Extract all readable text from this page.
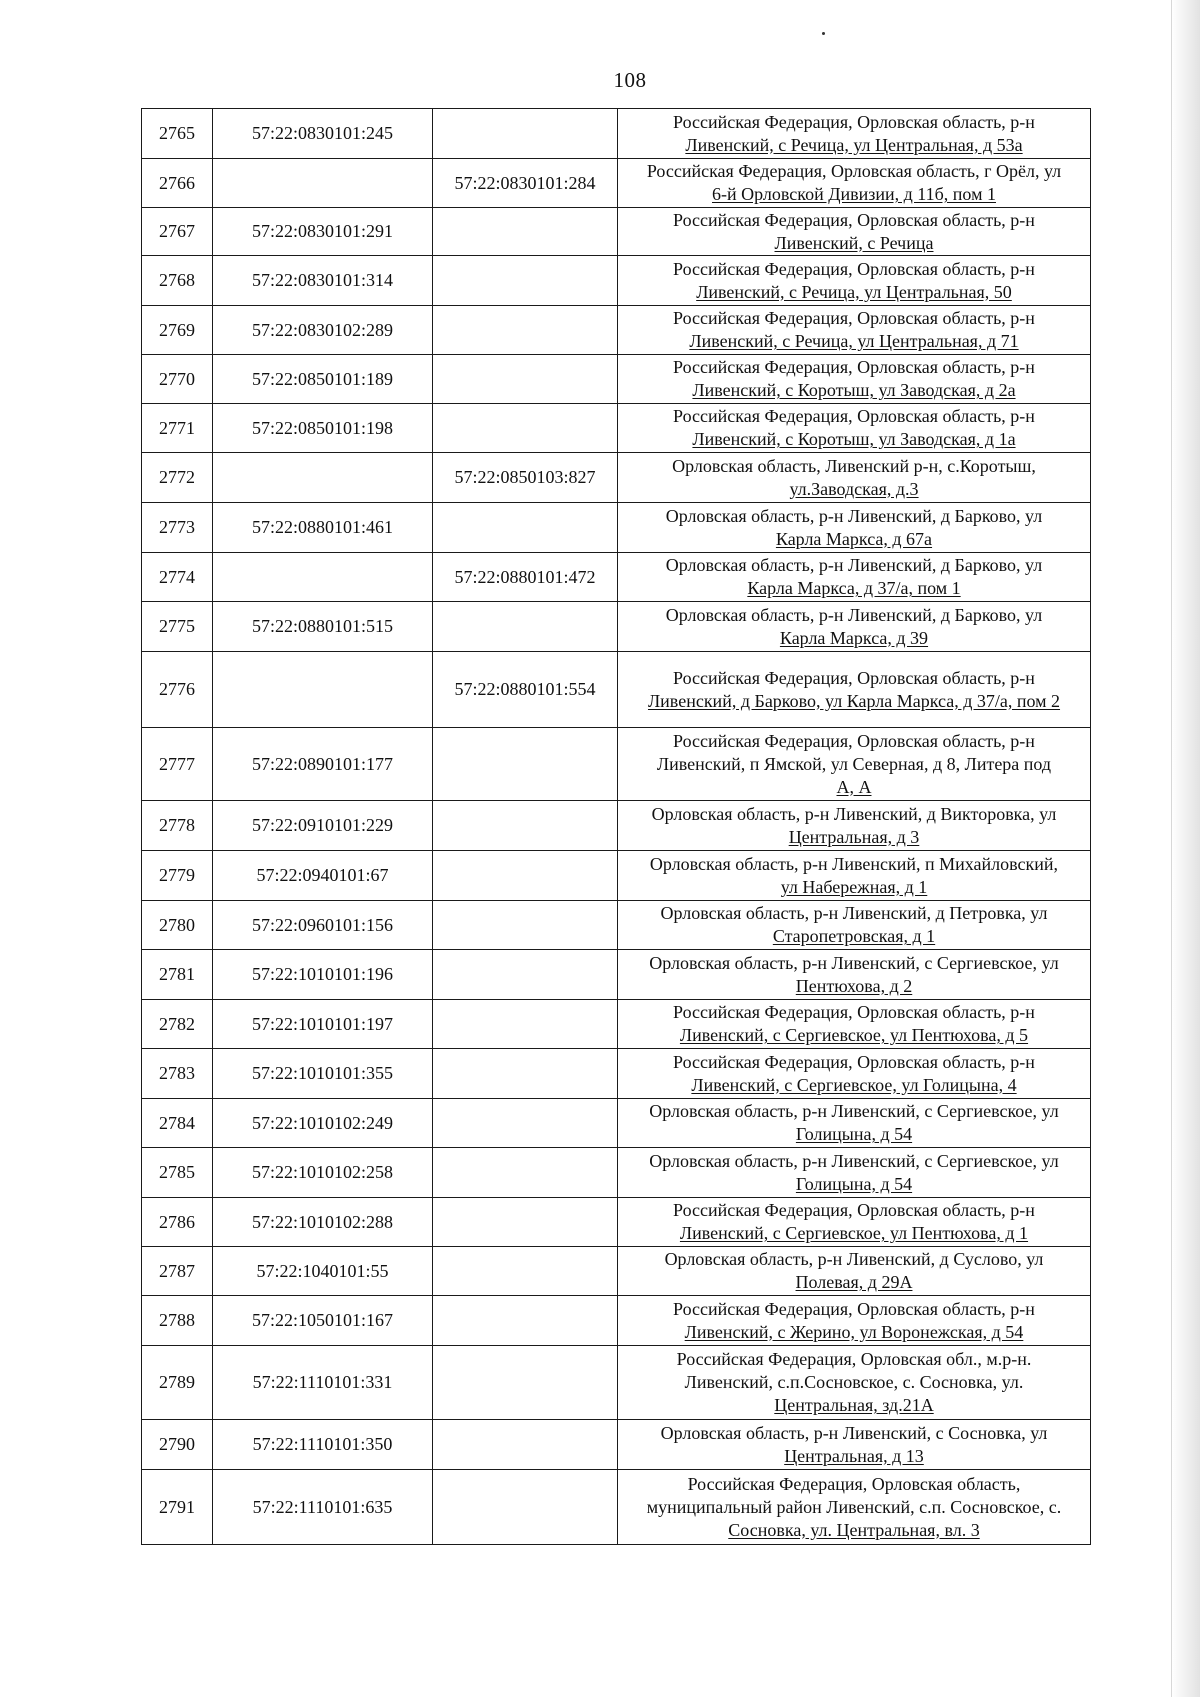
108
2765	57:22:0830101:245		Российская Федерация, Орловская область, р-н
Ливенский, с Речица, ул Центральная, д 53а

2766		57:22:0830101:284	Российская Федерация, Орловская область, г Орёл, ул
6-й Орловской Дивизии, д 11б, пом 1

2767	57:22:0830101:291		Российская Федерация, Орловская область, р-н
Ливенский, с Речица

2768	57:22:0830101:314		Российская Федерация, Орловская область, р-н
Ливенский, с Речица, ул Центральная, 50

2769	57:22:0830102:289		Российская Федерация, Орловская область, р-н
Ливенский, с Речица, ул Центральная, д 71

2770	57:22:0850101:189		Российская Федерация, Орловская область, р-н
Ливенский, с Коротыш, ул Заводская, д 2а

2771	57:22:0850101:198		Российская Федерация, Орловская область, р-н
Ливенский, с Коротыш, ул Заводская, д 1а

2772		57:22:0850103:827	Орловская область, Ливенский р-н, с.Коротыш,
ул.Заводская, д.3

2773	57:22:0880101:461		Орловская область, р-н Ливенский, д Барково, ул
Карла Маркса, д 67а

2774		57:22:0880101:472	Орловская область, р-н Ливенский, д Барково, ул
Карла Маркса, д 37/а, пом 1

2775	57:22:0880101:515		Орловская область, р-н Ливенский, д Барково, ул
Карла Маркса, д 39

2776		57:22:0880101:554	Российская Федерация, Орловская область, р-н
Ливенский, д Барково, ул Карла Маркса, д 37/а, пом 2

2777	57:22:0890101:177		Российская Федерация, Орловская область, р-н
Ливенский, п Ямской, ул Северная, д 8, Литера под
А, А

2778	57:22:0910101:229		Орловская область, р-н Ливенский, д Викторовка, ул
Центральная, д 3

2779	57:22:0940101:67		Орловская область, р-н Ливенский, п Михайловский,
ул Набережная, д 1

2780	57:22:0960101:156		Орловская область, р-н Ливенский, д Петровка, ул
Старопетровская, д 1

2781	57:22:1010101:196		Орловская область, р-н Ливенский, с Сергиевское, ул
Пентюхова, д 2

2782	57:22:1010101:197		Российская Федерация, Орловская область, р-н
Ливенский, с Сергиевское, ул Пентюхова, д 5

2783	57:22:1010101:355		Российская Федерация, Орловская область, р-н
Ливенский, с Сергиевское, ул Голицына, 4

2784	57:22:1010102:249		Орловская область, р-н Ливенский, с Сергиевское, ул
Голицына, д 54

2785	57:22:1010102:258		Орловская область, р-н Ливенский, с Сергиевское, ул
Голицына, д 54

2786	57:22:1010102:288		Российская Федерация, Орловская область, р-н
Ливенский, с Сергиевское, ул Пентюхова, д 1

2787	57:22:1040101:55		Орловская область, р-н Ливенский, д Суслово, ул
Полевая, д 29А

2788	57:22:1050101:167		Российская Федерация, Орловская область, р-н
Ливенский, с Жерино, ул Воронежская, д 54

2789	57:22:1110101:331		Российская Федерация, Орловская обл., м.р-н.
Ливенский, с.п.Сосновское, с. Сосновка, ул.
Центральная, зд.21А

2790	57:22:1110101:350		Орловская область, р-н Ливенский, с Сосновка, ул
Центральная, д 13

2791	57:22:1110101:635		Российская Федерация, Орловская область,
муниципальный район Ливенский, с.п. Сосновское, с.
Сосновка, ул. Центральная, вл. 3
